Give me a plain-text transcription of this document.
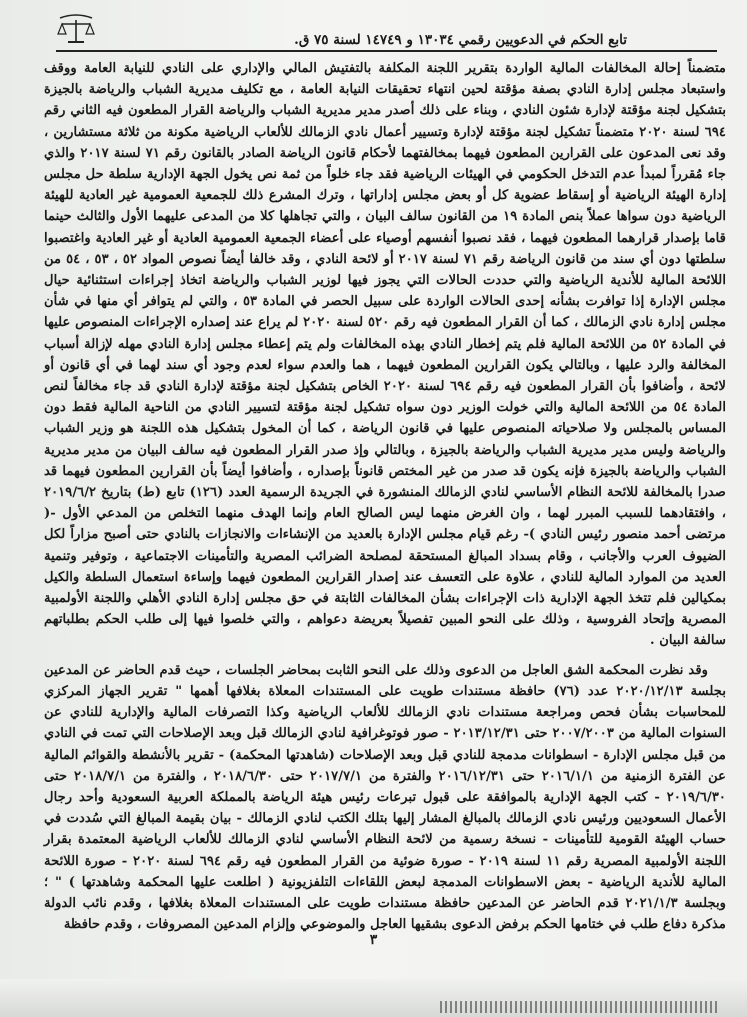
تابع الحكم في الدعويين رقمي ١٣٠٣٤ و ١٤٧٤٩ لسنة ٧٥ ق.

متضمناً إحالة المخالفات المالية الواردة بتقرير اللجنة المكلفة بالتفتيش المالي والإداري على النادي للنيابة العامة ووقف واستبعاد مجلس إدارة النادي بصفة مؤقتة لحين انتهاء تحقيقات النيابة العامة ، مع تكليف مديرية الشباب والرياضة بالجيزة بتشكيل لجنة مؤقتة لإدارة شئون النادي ، وبناء على ذلك أصدر مدير مديرية الشباب والرياضة القرار المطعون فيه الثاني رقم ٦٩٤ لسنة ٢٠٢٠ متضمناً تشكيل لجنة مؤقتة لإدارة وتسيير أعمال نادي الزمالك للألعاب الرياضية مكونة من ثلاثة مستشارين ، وقد نعى المدعون على القرارين المطعون فيهما بمخالفتهما لأحكام قانون الرياضة الصادر بالقانون رقم ٧١ لسنة ٢٠١٧ والذي جاء مُقرراً لمبدأ عدم التدخل الحكومي في الهيئات الرياضية فقد جاء خلواً من ثمة نص يخول الجهة الإدارية سلطة حل مجلس إدارة الهيئة الرياضية أو إسقاط عضوية كل أو بعض مجلس إداراتها ، وترك المشرع ذلك للجمعية العمومية غير العادية للهيئة الرياضية دون سواها عملاً بنص المادة ١٩ من القانون سالف البيان ، والتي تجاهلها كلا من المدعى عليهما الأول والثالث حينما قاما بإصدار قرارهما المطعون فيهما ، فقد نصبوا أنفسهم أوصياء على أعضاء الجمعية العمومية العادية أو غير العادية واغتصبوا سلطتها دون أي سند من قانون الرياضة رقم ٧١ لسنة ٢٠١٧ أو لائحة النادي ، وقد خالفا أيضاً نصوص المواد ٥٢ ، ٥٣ ، ٥٤ من اللائحة المالية للأندية الرياضية والتي حددت الحالات التي يجوز فيها لوزير الشباب والرياضة اتخاذ إجراءات استثنائية حيال مجلس الإدارة إذا توافرت بشأنه إحدى الحالات الواردة على سبيل الحصر في المادة ٥٣ ، والتي لم يتوافر أي منها في شأن مجلس إدارة نادي الزمالك ، كما أن القرار المطعون فيه رقم ٥٢٠ لسنة ٢٠٢٠ لم يراع عند إصداره الإجراءات المنصوص عليها في المادة ٥٢ من اللائحة المالية فلم يتم إخطار النادي بهذه المخالفات ولم يتم إعطاء مجلس إدارة النادي مهله لإزالة أسباب المخالفة والرد عليها ، وبالتالي يكون القرارين المطعون فيهما ، هما والعدم سواء لعدم وجود أي سند لهما في أي قانون أو لائحة ، وأضافوا بأن القرار المطعون فيه رقم ٦٩٤ لسنة ٢٠٢٠ الخاص بتشكيل لجنة مؤقتة لإدارة النادي قد جاء مخالفاً لنص المادة ٥٤ من اللائحة المالية والتي خولت الوزير دون سواه تشكيل لجنة مؤقتة لتسيير النادي من الناحية المالية فقط دون المساس بالمجلس ولا صلاحياته المنصوص عليها في قانون الرياضة ، كما أن المخول بتشكيل هذه اللجنة هو وزير الشباب والرياضة وليس مدير مديرية الشباب والرياضة بالجيزة ، وبالتالي وإذ صدر القرار المطعون فيه سالف البيان من مدير مديرية الشباب والرياضة بالجيزة فإنه يكون قد صدر من غير المختص قانوناً بإصداره ، وأضافوا أيضاً بأن القرارين المطعون فيهما قد صدرا بالمخالفة للائحة النظام الأساسي لنادي الزمالك المنشورة في الجريدة الرسمية العدد (١٢٦) تابع (ط) بتاريخ ٢٠١٩/٦/٢ ، وافتقادهما للسبب المبرر لهما ، وان الغرض منهما ليس الصالح العام وإنما الهدف منهما التخلص من المدعي الأول -( مرتضى أحمد منصور رئيس النادي )- رغم قيام مجلس الإدارة بالعديد من الإنشاءات والانجازات بالنادي حتى أصبح مزاراً لكل الضيوف العرب والأجانب ، وقام بسداد المبالغ المستحقة لمصلحة الضرائب المصرية والتأمينات الاجتماعية ، وتوفير وتنمية العديد من الموارد المالية للنادي ، علاوة على التعسف عند إصدار القرارين المطعون فيهما وإساءة استعمال السلطة والكيل بمكيالين فلم تتخذ الجهة الإدارية ذات الإجراءات بشأن المخالفات الثابتة في حق مجلس إدارة النادي الأهلي واللجنة الأولمبية المصرية وإتحاد الفروسية ، وذلك على النحو المبين تفصيلاً بعريضة دعواهم ، والتي خلصوا فيها إلى طلب الحكم بطلباتهم سالفة البيان .

وقد نظرت المحكمة الشق العاجل من الدعوى وذلك على النحو الثابت بمحاضر الجلسات ، حيث قدم الحاضر عن المدعين بجلسة ٢٠٢٠/١٢/١٣ عدد (٧٦) حافظة مستندات طويت على المستندات المعلاة بغلافها أهمها " تقرير الجهاز المركزي للمحاسبات بشأن فحص ومراجعة مستندات نادي الزمالك للألعاب الرياضية وكذا التصرفات المالية والإدارية للنادي عن السنوات المالية من ٢٠٠٧/٢٠٠٣ حتى ٢٠١٣/١٢/٣١ - صور فوتوغرافية لنادي الزمالك قبل وبعد الإصلاحات التي تمت في النادي من قبل مجلس الإدارة - اسطوانات مدمجة للنادي قبل وبعد الإصلاحات (شاهدتها المحكمة) - تقرير بالأنشطة والقوائم المالية عن الفترة الزمنية من ٢٠١٦/١/١ حتى ٢٠١٦/١٢/٣١ والفترة من ٢٠١٧/٧/١ حتى ٢٠١٨/٦/٣٠ ، والفترة من ٢٠١٨/٧/١ حتى ٢٠١٩/٦/٣٠ - كتب الجهة الإدارية بالموافقة على قبول تبرعات رئيس هيئة الرياضة بالمملكة العربية السعودية وأحد رجال الأعمال السعوديين ورئيس نادي الزمالك بالمبالغ المشار إليها بتلك الكتب لنادي الزمالك - بيان بقيمة المبالغ التي سُددت في حساب الهيئة القومية للتأمينات - نسخة رسمية من لائحة النظام الأساسي لنادي الزمالك للألعاب الرياضية المعتمدة بقرار اللجنة الأولمبية المصرية رقم ١١ لسنة ٢٠١٩ - صورة ضوئية من القرار المطعون فيه رقم ٦٩٤ لسنة ٢٠٢٠ - صورة اللائحة المالية للأندية الرياضية - بعض الاسطوانات المدمجة لبعض اللقاءات التلفزيونية ( اطلعت عليها المحكمة وشاهدتها ) " ؛ وبجلسة ٢٠٢١/١/٣ قدم الحاضر عن المدعين حافظة مستندات طويت على المستندات المعلاة بغلافها ، وقدم نائب الدولة مذكرة دفاع طلب في ختامها الحكم برفض الدعوى بشقيها العاجل والموضوعي وإلزام المدعين المصروفات ، وقدم حافظة

٣
